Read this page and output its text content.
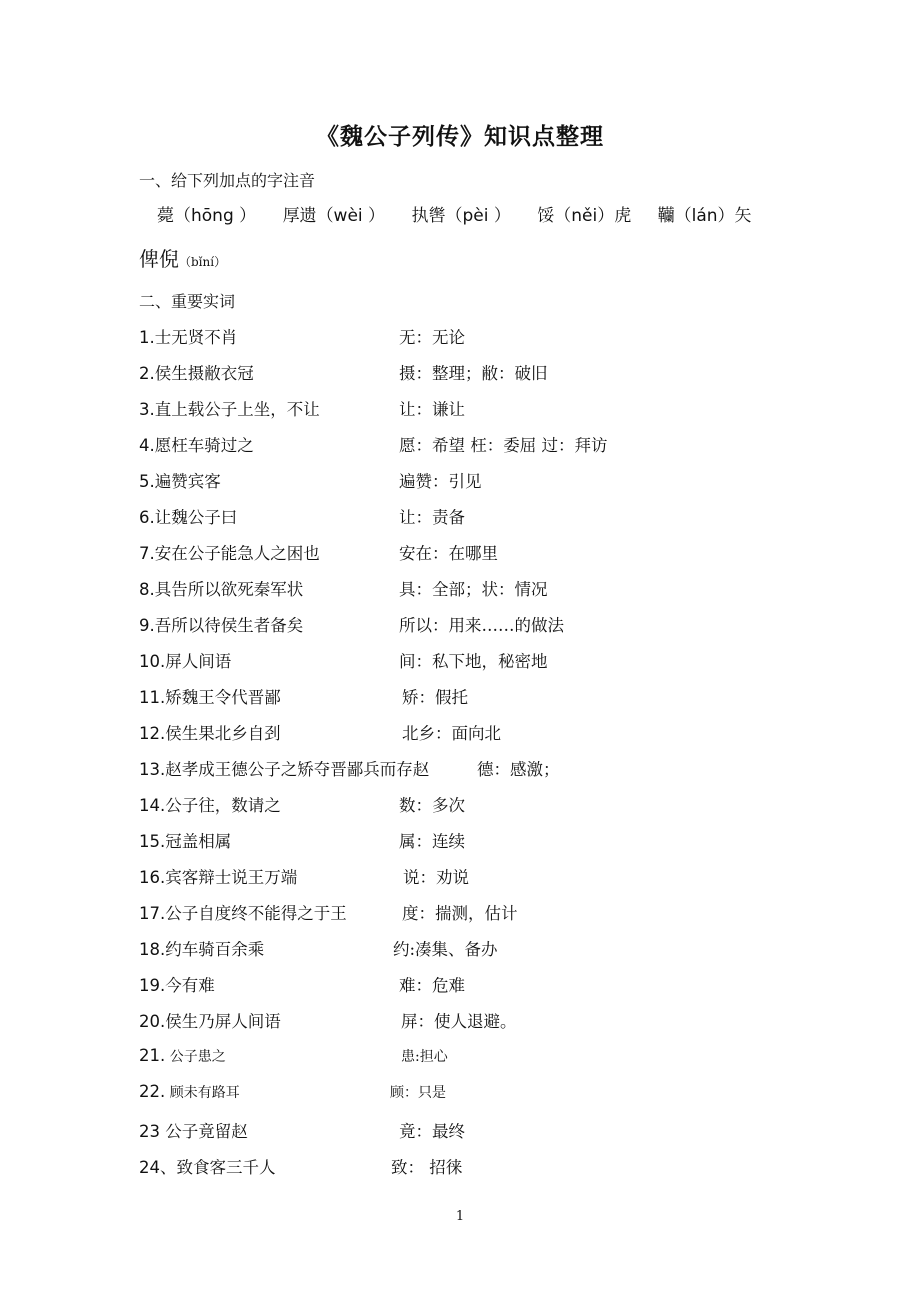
《魏公子列传》知识点整理
一、给下列加点的字注音
薨（hōng ） 厚遗（wèi ） 执辔（pèi ） 馁（něi）虎 韊（lán）矢
俾倪（bǐní）
二、重要实词
1.士无贤不肖	无：无论
2.侯生摄敝衣冠	摄：整理；敝：破旧
3.直上载公子上坐，不让	让：谦让
4.愿枉车骑过之	愿：希望 枉：委屈 过：拜访
5.遍赞宾客	遍赞：引见
6.让魏公子曰	让：责备
7.安在公子能急人之困也	安在：在哪里
8.具告所以欲死秦军状	具：全部；状：情况
9.吾所以待侯生者备矣	所以：用来……的做法
10.屏人间语	间：私下地，秘密地
11.矫魏王令代晋鄙	矫：假托
12.侯生果北乡自刭	北乡：面向北
13.赵孝成王德公子之矫夺晋鄙兵而存赵	德：感激；
14.公子往，数请之	数：多次
15.冠盖相属	属：连续
16.宾客辩士说王万端	说：劝说
17.公子自度终不能得之于王	度：揣测，估计
18.约车骑百余乘	约:凑集、备办
19.今有难	难：危难
20.侯生乃屏人间语	屏：使人退避。
21. 公子患之	患:担心
22. 顾未有路耳	顾：只是
23 公子竟留赵	竟：最终
24、致食客三千人	致： 招徕
1
